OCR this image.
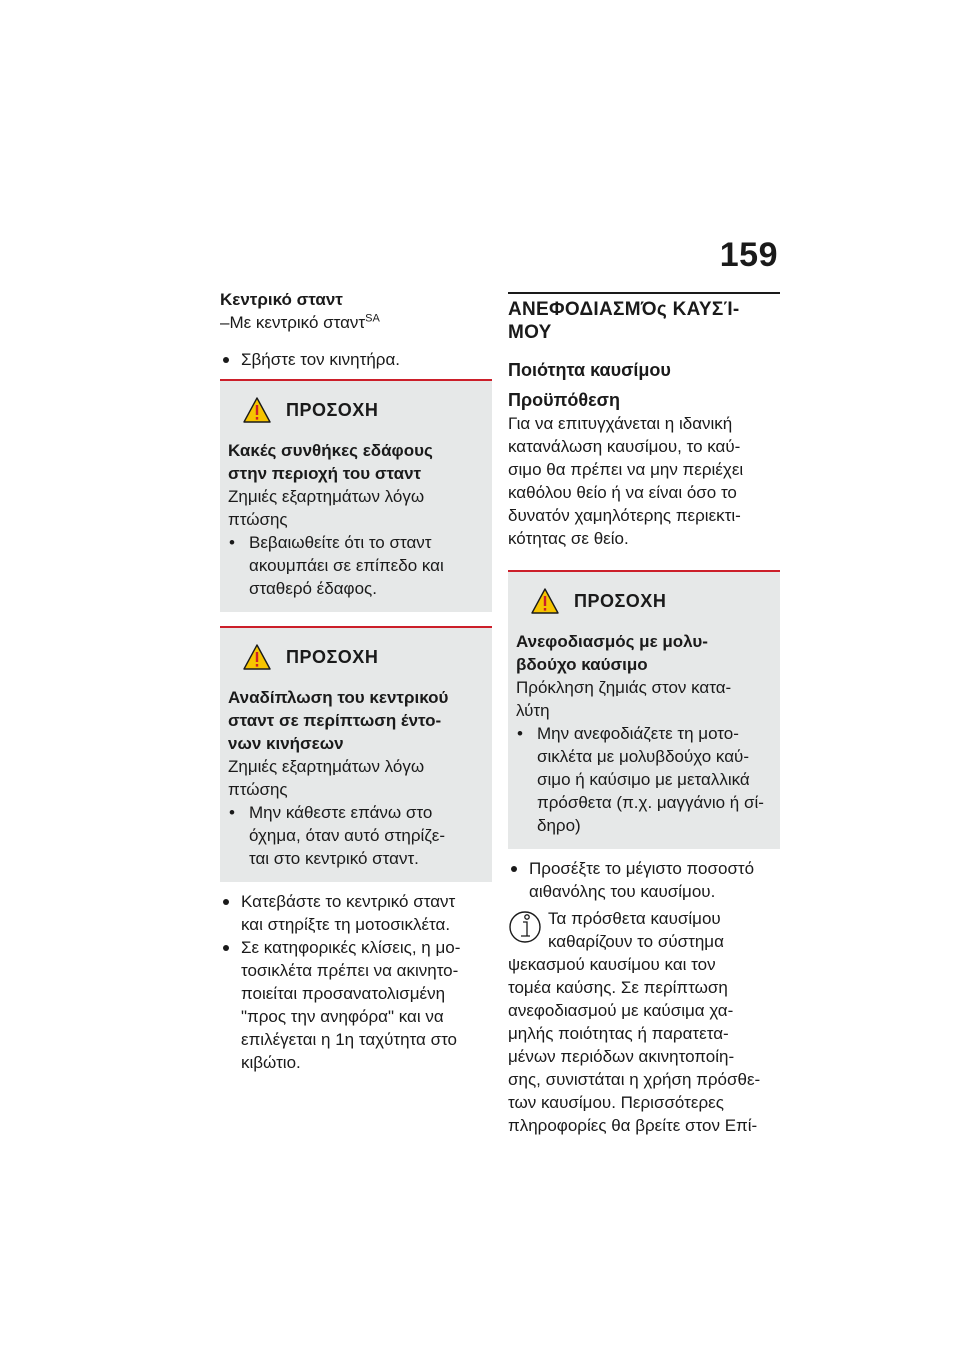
159

Κεντρικό σταντ

–Με κεντρικό σταντ$^{SA}$

Σβήστε τον κινητήρα.

ΠΡΟΣΟΧΗ

Κακές συνθήκες εδάφους

στην περιοχή του σταντ

Ζημιές εξαρτημάτων λόγω

πτώσης

• Βεβαιωθείτε ότι το σταντ

ακουμπάει σε επίπεδο και

σταθερό έδαφος.

ΠΡΟΣΟΧΗ

Αναδίπλωση του κεντρικού

σταντ σε περίπτωση έντο-

νων κινήσεων

Ζημιές εξαρτημάτων λόγω

πτώσης

• Μην κάθεστε επάνω στο

όχημα, όταν αυτό στηρίζε-

ται στο κεντρικό σταντ.

Κατεβάστε το κεντρικό σταντ

και στηρίξτε τη μοτοσικλέτα.

Σε κατηφορικές κλίσεις, η μο-

τοσικλέτα πρέπει να ακινητο-

ποιείται προσανατολισμένη

"προς την ανηφόρα" και να

επιλέγεται η 1η ταχύτητα στο

κιβώτιο.

ΑΝΕΦΟΔΙΑΣΜΌς ΚΑΥΣΊ-

ΜΟΥ

Ποιότητα καυσίμου

Προϋπόθεση

Για να επιτυγχάνεται η ιδανική

κατανάλωση καυσίμου, το καύ-

σιμο θα πρέπει να μην περιέχει

καθόλου θείο ή να είναι όσο το

δυνατόν χαμηλότερης περιεκτι-

κότητας σε θείο.

ΠΡΟΣΟΧΗ

Ανεφοδιασμός με μολυ-

βδούχο καύσιμο

Πρόκληση ζημιάς στον κατα-

λύτη

• Μην ανεφοδιάζετε τη μοτο-

σικλέτα με μολυβδούχο καύ-

σιμο ή καύσιμο με μεταλλικά

πρόσθετα (π.χ. μαγγάνιο ή σί-

δηρο)

Προσέξτε το μέγιστο ποσοστό

αιθανόλης του καυσίμου.

Τα πρόσθετα καυσίμου

καθαρίζουν το σύστημα

ψεκασμού καυσίμου και τον

τομέα καύσης. Σε περίπτωση

ανεφοδιασμού με καύσιμα χα-

μηλής ποιότητας ή παρατετα-

μένων περιόδων ακινητοποίη-

σης, συνιστάται η χρήση πρόσθε-

των καυσίμου. Περισσότερες

πληροφορίες θα βρείτε στον Επί-
